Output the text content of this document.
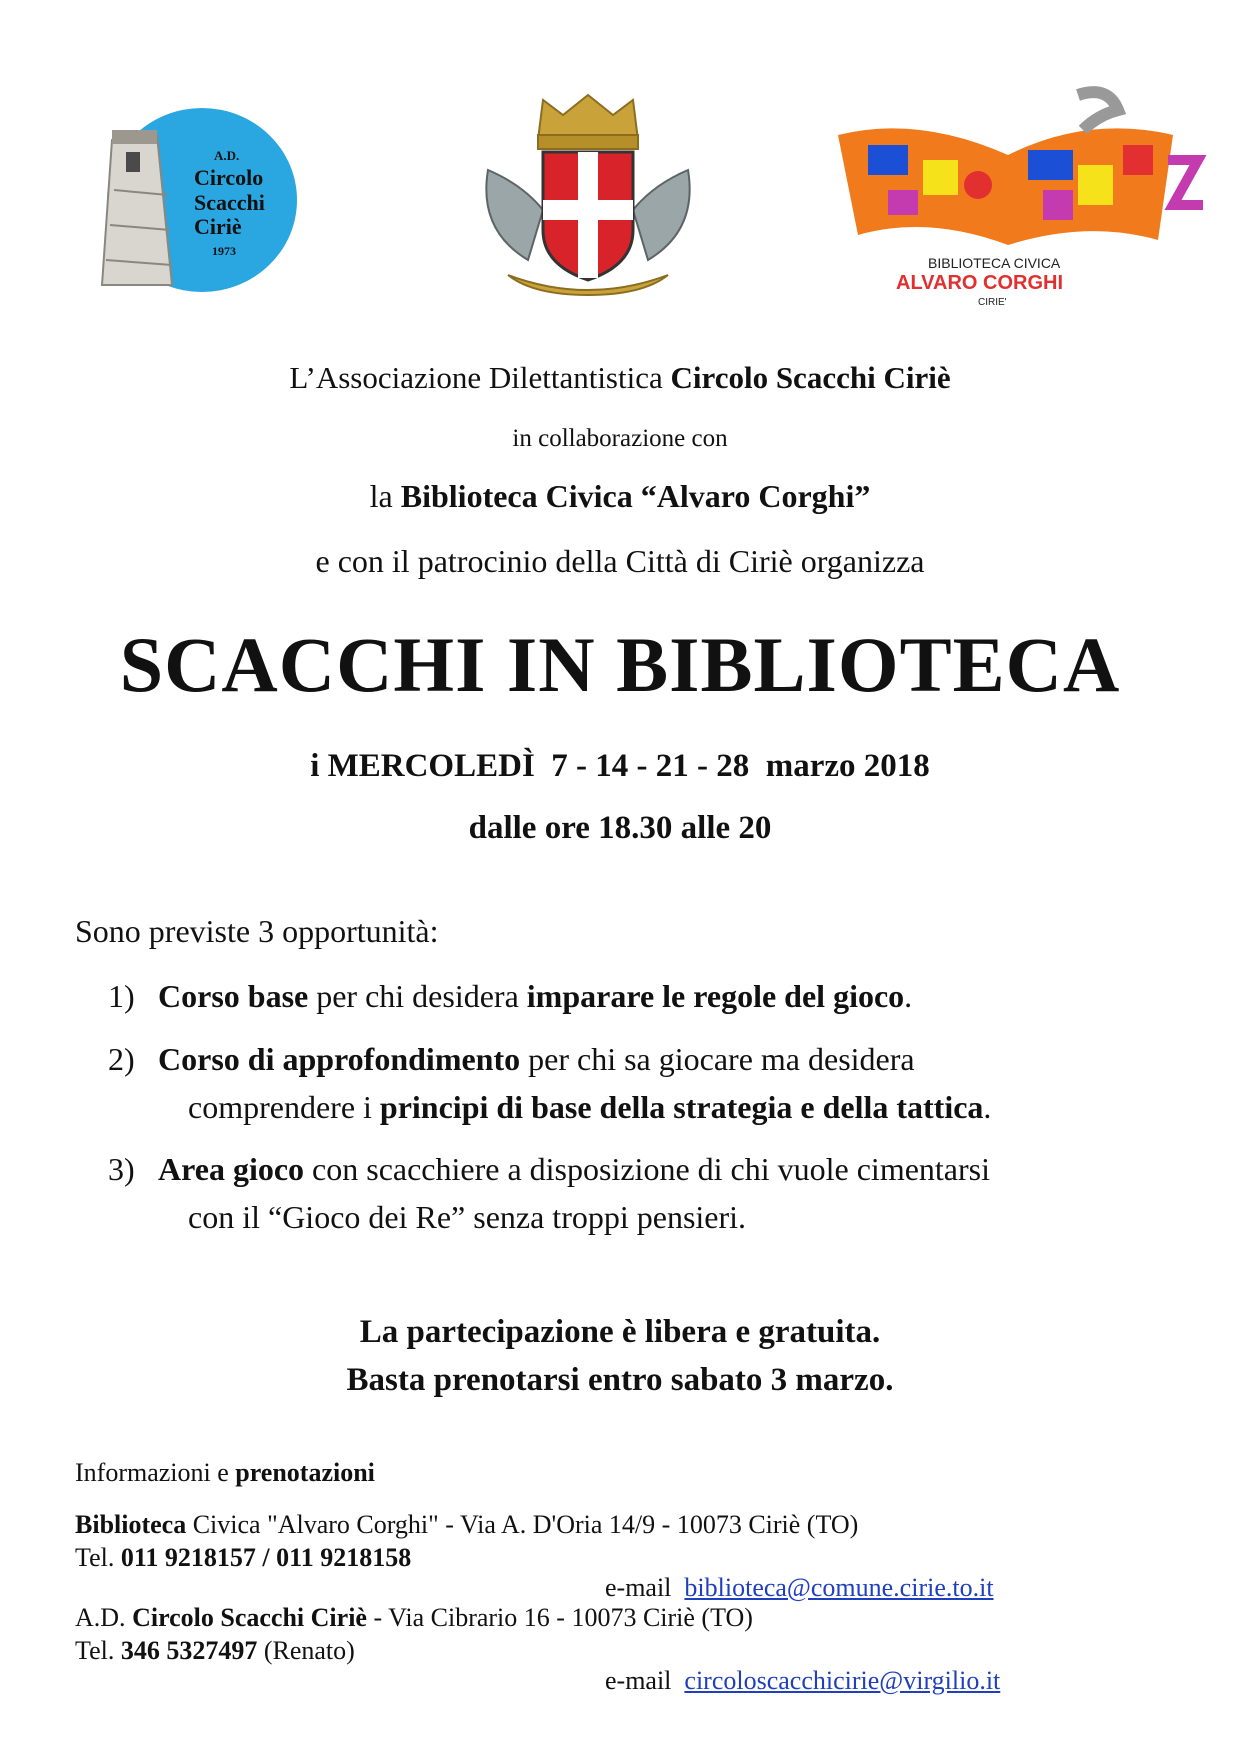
A.D.
Circolo
Scacchi
Ciriè
1973
BIBLIOTECA CIVICA
ALVARO CORGHI
CIRIE'
L’Associazione Dilettantistica Circolo Scacchi Ciriè
in collaborazione con
la Biblioteca Civica “Alvaro Corghi”
e con il patrocinio della Città di Ciriè organizza
SCACCHI IN BIBLIOTECA
i MERCOLEDÌ  7 - 14 - 21 - 28  marzo 2018
dalle ore 18.30 alle 20
Sono previste 3 opportunità:
1) Corso base per chi desidera imparare le regole del gioco.
2) Corso di approfondimento per chi sa giocare ma desidera
comprendere i principi di base della strategia e della tattica.
3) Area gioco con scacchiere a disposizione di chi vuole cimentarsi
con il “Gioco dei Re” senza troppi pensieri.
La partecipazione è libera e gratuita.
Basta prenotarsi entro sabato 3 marzo.
Informazioni e prenotazioni
Biblioteca Civica "Alvaro Corghi" - Via A. D'Oria 14/9 - 10073 Ciriè (TO)
Tel. 011 9218157 / 011 9218158

e-mail  biblioteca@comune.cirie.to.it

A.D. Circolo Scacchi Ciriè - Via Cibrario 16 - 10073 Ciriè (TO)
Tel. 346 5327497 (Renato)

e-mail  circoloscacchicirie@virgilio.it
